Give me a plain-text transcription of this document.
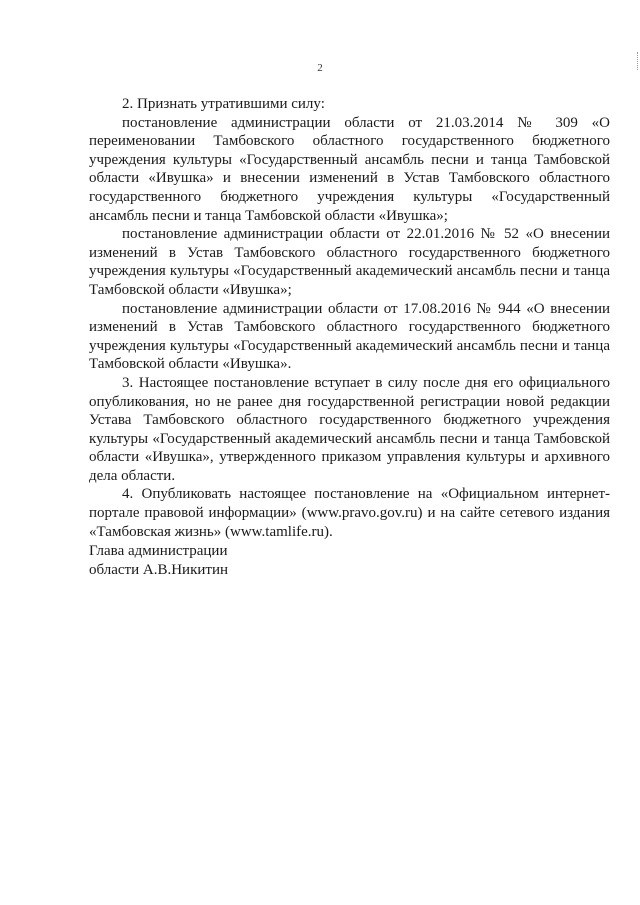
2

2. Признать утратившими силу:

постановление администрации области от 21.03.2014 № 309 «О переименовании Тамбовского областного государственного бюджетного учреждения культуры «Государственный ансамбль песни и танца Тамбовской области «Ивушка» и внесении изменений в Устав Тамбовского областного государственного бюджетного учреждения культуры «Государственный ансамбль песни и танца Тамбовской области «Ивушка»;

постановление администрации области от 22.01.2016 № 52 «О внесении изменений в Устав Тамбовского областного государственного бюджетного учреждения культуры «Государственный академический ансамбль песни и танца Тамбовской области «Ивушка»;

постановление администрации области от 17.08.2016 № 944 «О внесении изменений в Устав Тамбовского областного государственного бюджетного учреждения культуры «Государственный академический ансамбль песни и танца Тамбовской области «Ивушка».

3. Настоящее постановление вступает в силу после дня его официального опубликования, но не ранее дня государственной регистрации новой редакции Устава Тамбовского областного государственного бюджетного учреждения культуры «Государственный академический ансамбль песни и танца Тамбовской области «Ивушка», утвержденного приказом управления культуры и архивного дела области.

4. Опубликовать настоящее постановление на «Официальном интернет-портале правовой информации» (www.pravo.gov.ru) и на сайте сетевого издания «Тамбовская жизнь» (www.tamlife.ru).

Глава администрации
области А.В.Никитин
